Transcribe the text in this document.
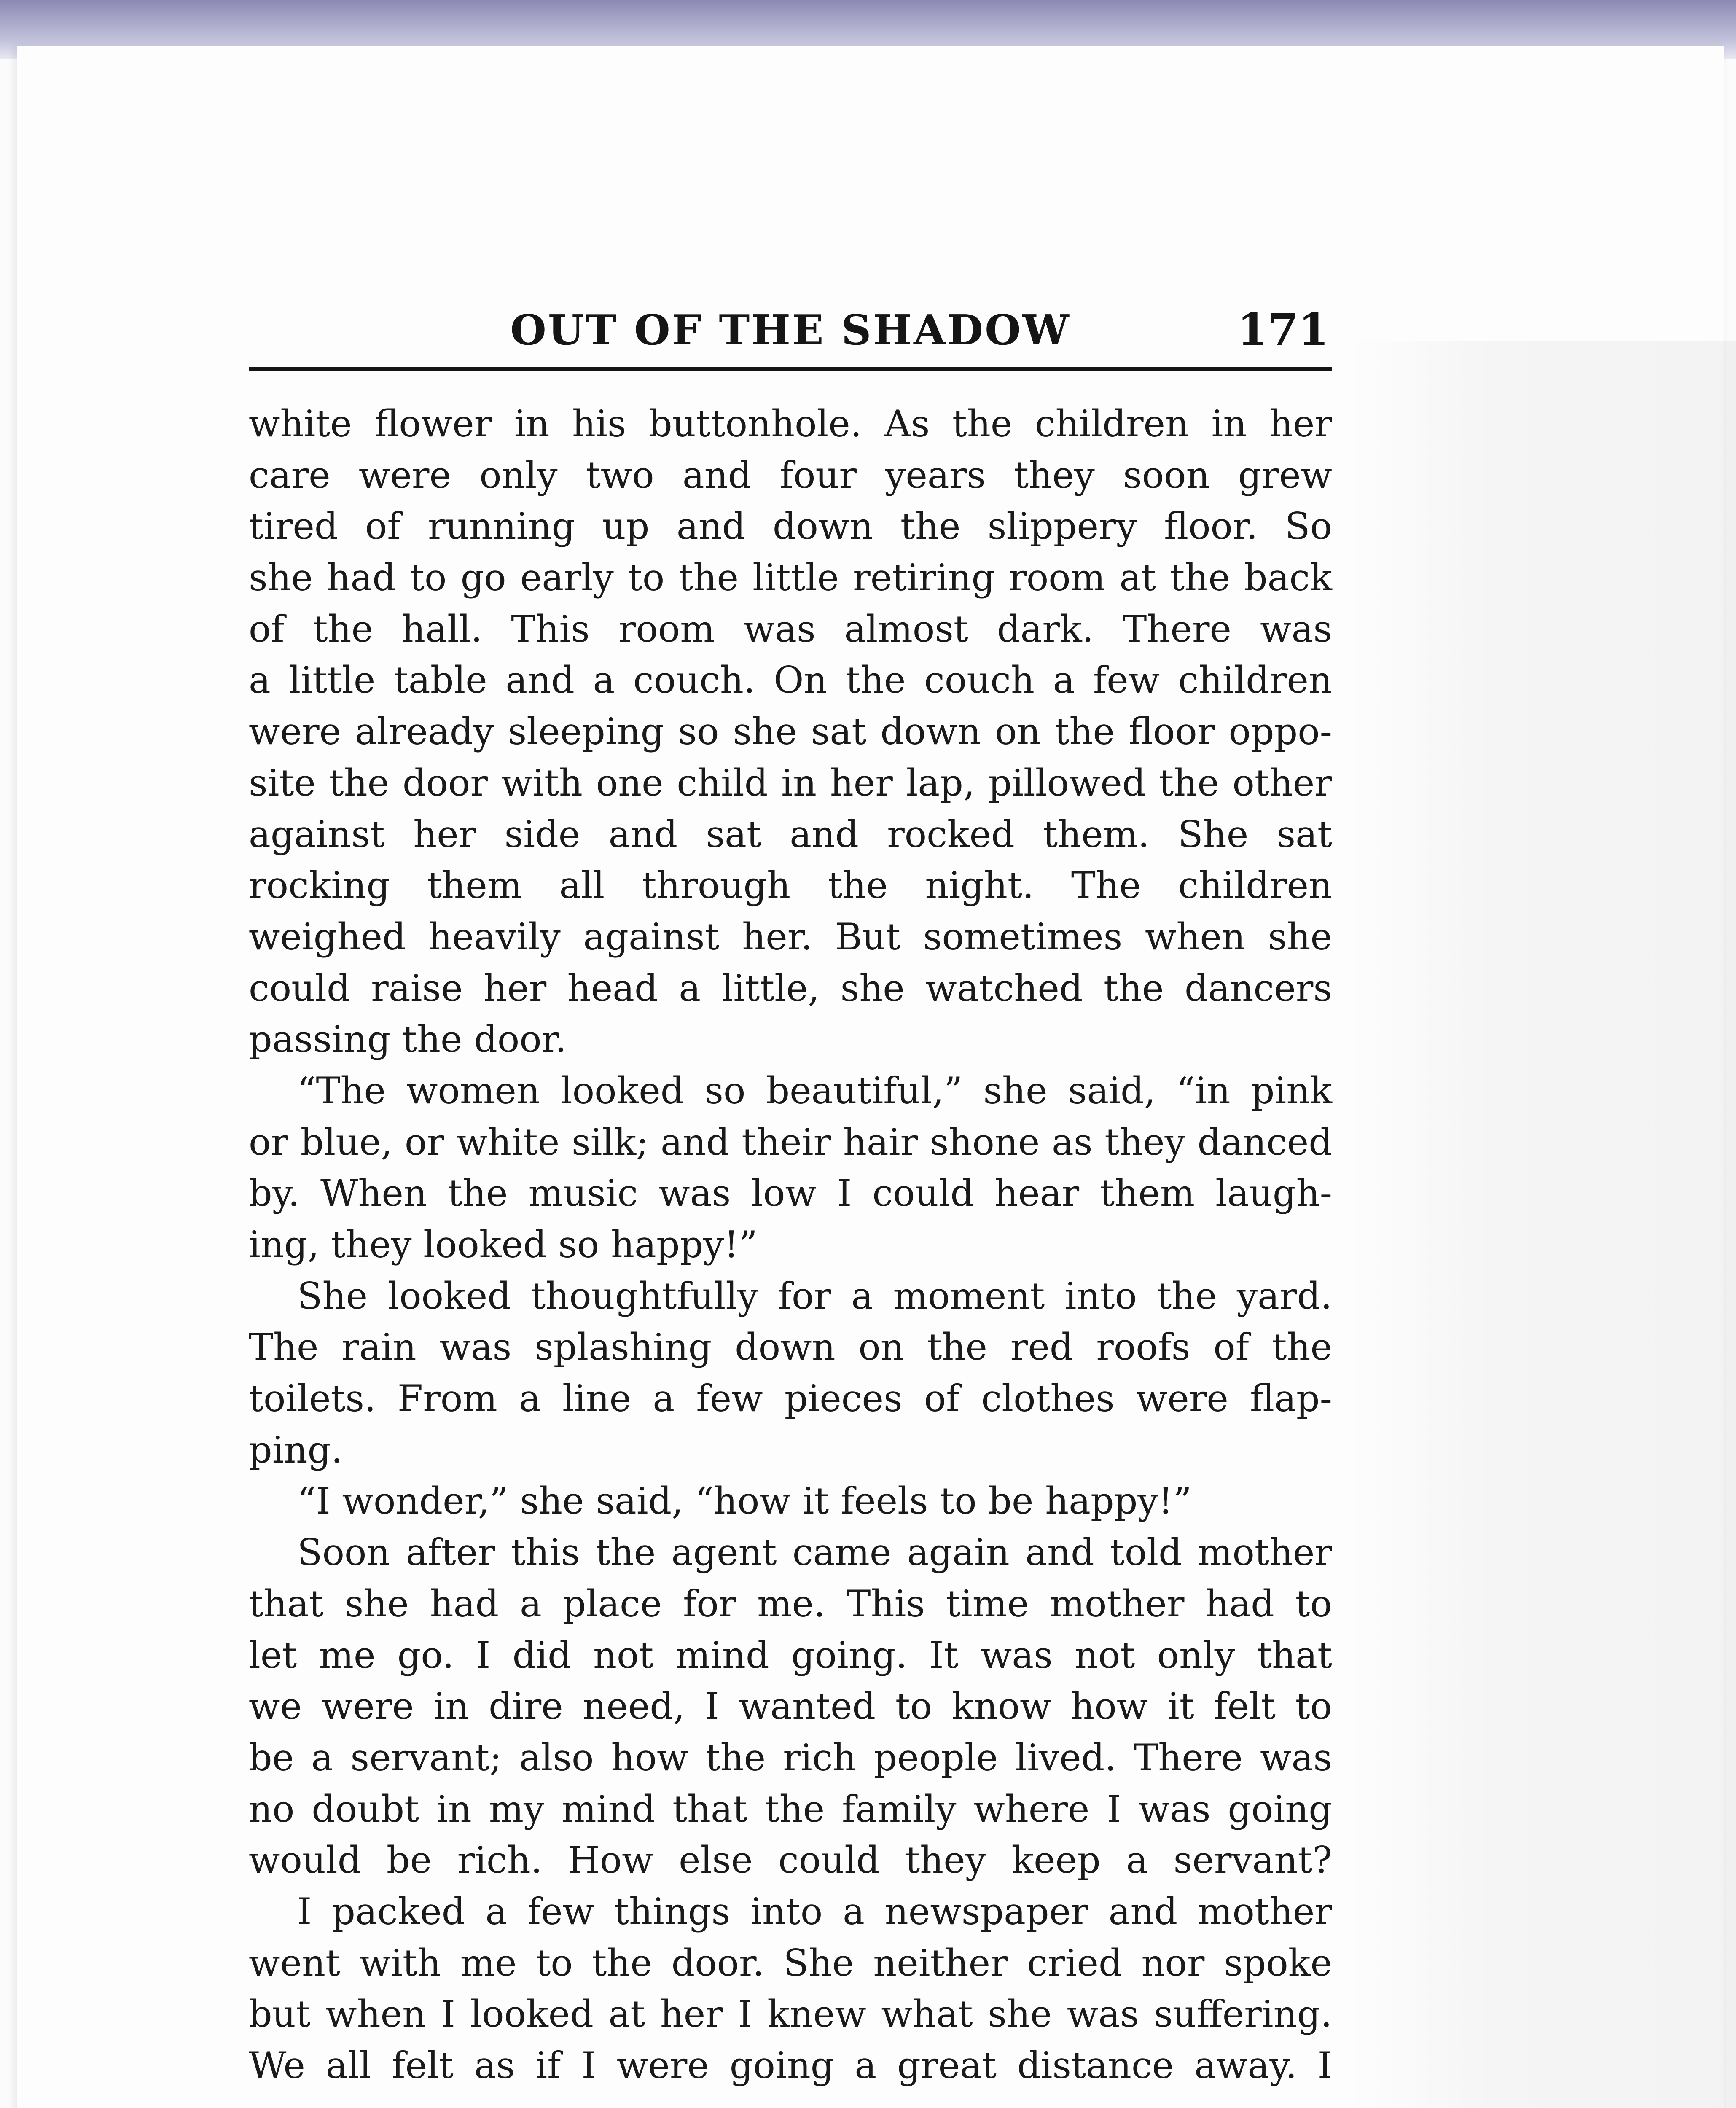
OUT OF THE SHADOW	171
white flower in his buttonhole. As the children in her
care were only two and four years they soon grew
tired of running up and down the slippery floor. So
she had to go early to the little retiring room at the back
of the hall. This room was almost dark. There was
a little table and a couch. On the couch a few children
were already sleeping so she sat down on the floor oppo-
site the door with one child in her lap, pillowed the other
against her side and sat and rocked them. She sat
rocking them all through the night. The children
weighed heavily against her. But sometimes when she
could raise her head a little, she watched the dancers
passing the door.
“The women looked so beautiful,” she said, “in pink
or blue, or white silk; and their hair shone as they danced
by. When the music was low I could hear them laugh-
ing, they looked so happy!”
She looked thoughtfully for a moment into the yard.
The rain was splashing down on the red roofs of the
toilets. From a line a few pieces of clothes were flap-
ping.
“I wonder,” she said, “how it feels to be happy!”
Soon after this the agent came again and told mother
that she had a place for me. This time mother had to
let me go. I did not mind going. It was not only that
we were in dire need, I wanted to know how it felt to
be a servant; also how the rich people lived. There was
no doubt in my mind that the family where I was going
would be rich. How else could they keep a servant?
I packed a few things into a newspaper and mother
went with me to the door. She neither cried nor spoke
but when I looked at her I knew what she was suffering.
We all felt as if I were going a great distance away. I
